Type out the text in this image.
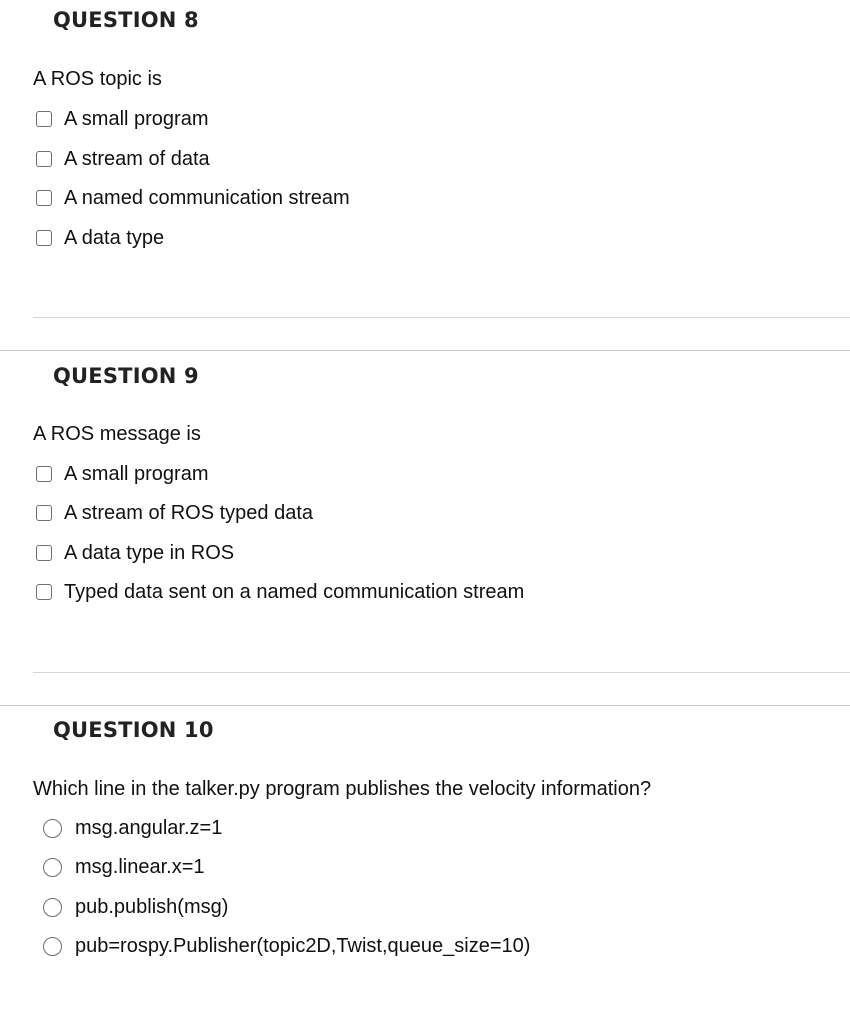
QUESTION 8
A ROS topic is
A small program
A stream of data
A named communication stream
A data type
QUESTION 9
A ROS message is
A small program
A stream of ROS typed data
A data type in ROS
Typed data sent on a named communication stream
QUESTION 10
Which line in the talker.py program publishes the velocity information?
msg.angular.z=1
msg.linear.x=1
pub.publish(msg)
pub=rospy.Publisher(topic2D,Twist,queue_size=10)
